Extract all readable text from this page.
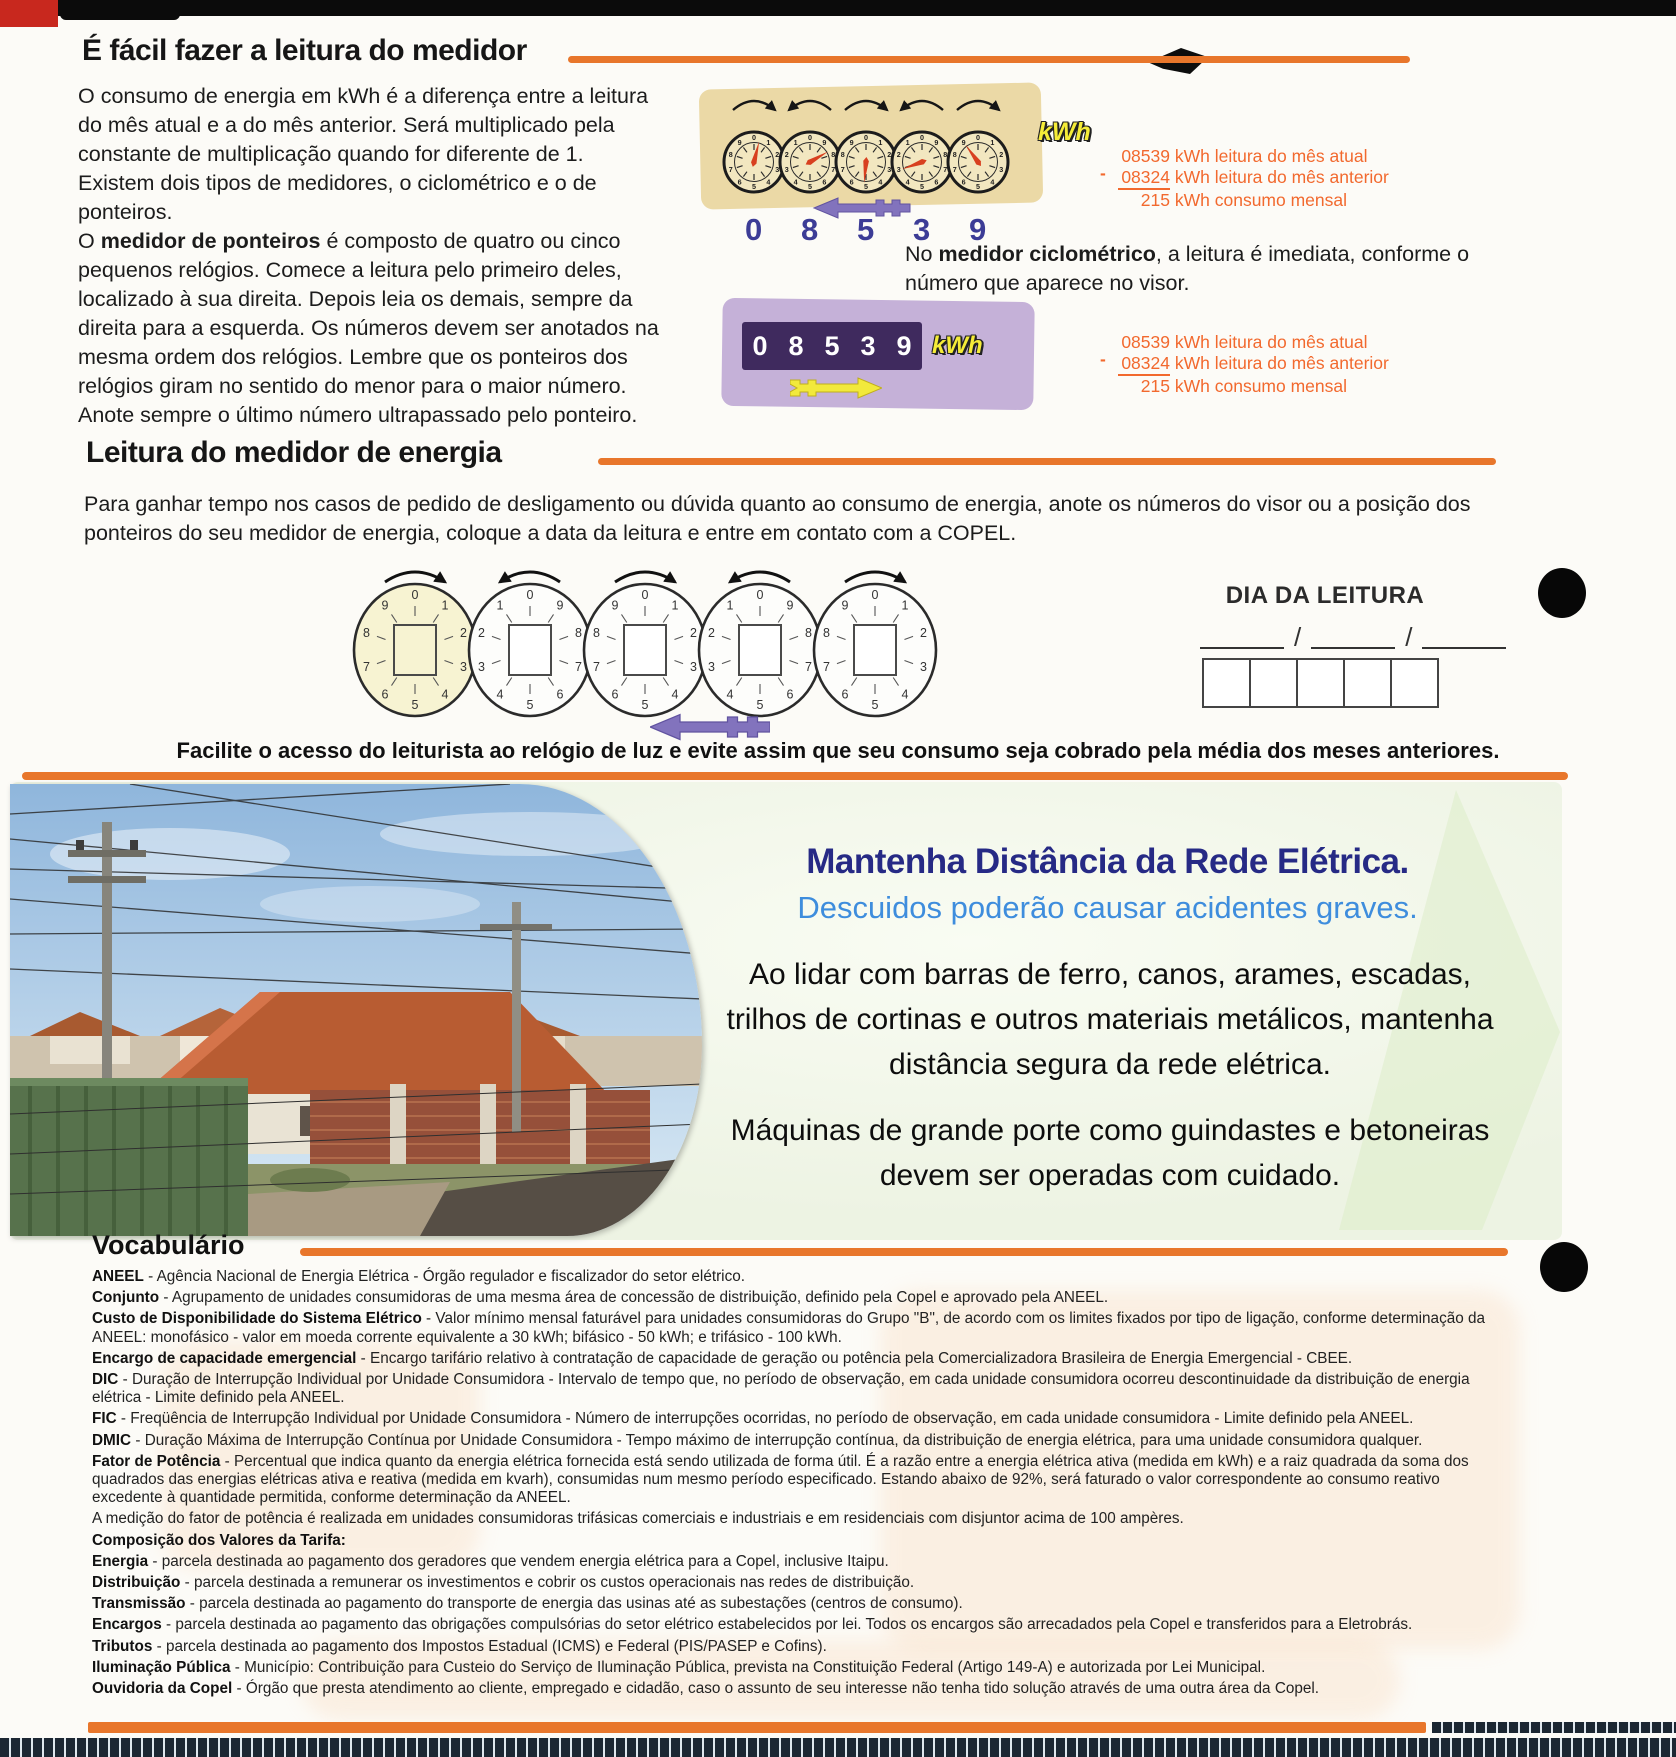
É fácil fazer a leitura do medidor

O consumo de energia em kWh é a diferença entre a leitura do mês atual e a do mês anterior. Será multiplicado pela constante de multiplicação quando for diferente de 1.

Existem dois tipos de medidores, o ciclométrico e o de ponteiros.

O medidor de ponteiros é composto de quatro ou cinco pequenos relógios. Comece a leitura pelo primeiro deles, localizado à sua direita. Depois leia os demais, sempre da direita para a esquerda. Os números devem ser anotados na mesma ordem dos relógios. Lembre que os ponteiros dos relógios giram no sentido do menor para o maior número. Anote sempre o último número ultrapassado pelo ponteiro.

0
1
2
3
4
5
6
7
8
9
0
1
2
3
4
5
6
7
8
9
0
1
2
3
4
5
6
7
8
9
0
1
2
3
4
5
6
7
8
9
0
1
2
3
4
5
6
7
8
9	kWh
0 8 5 3 9
08539 kWh leitura do mês atual
- 08324 kWh leitura do mês anterior
215 kWh consumo mensal

No medidor ciclométrico, a leitura é imediata, conforme o número que aparece no visor.

0 8 5 3 9 kWh	08539 kWh leitura do mês atual
- 08324 kWh leitura do mês anterior
215 kWh consumo mensal
Leitura do medidor de energia
Para ganhar tempo nos casos de pedido de desligamento ou dúvida quanto ao consumo de energia, anote os números do visor ou a posição dos ponteiros do seu medidor de energia, coloque a data da leitura e entre em contato com a COPEL.
0
1
2
3
4
5
6
7
8
9
0
1
2
3
4
5
6
7
8
9
0
1
2
3
4
5
6
7
8
9
0
1
2
3
4
5
6
7
8
9
0
1
2
3
4
5
6
7
8
9	DIA DA LEITURA
/	/
Facilite o acesso do leiturista ao relógio de luz e evite assim que seu consumo seja cobrado pela média dos meses anteriores.
Mantenha Distância da Rede Elétrica.
Descuidos poderão causar acidentes graves.
Ao lidar com barras de ferro, canos, arames, escadas, trilhos de cortinas e outros materiais metálicos, mantenha distância segura da rede elétrica.
Máquinas de grande porte como guindastes e betoneiras devem ser operadas com cuidado.
Vocabulário

ANEEL - Agência Nacional de Energia Elétrica - Órgão regulador e fiscalizador do setor elétrico.

Conjunto - Agrupamento de unidades consumidoras de uma mesma área de concessão de distribuição, definido pela Copel e aprovado pela ANEEL.

Custo de Disponibilidade do Sistema Elétrico - Valor mínimo mensal faturável para unidades consumidoras do Grupo "B", de acordo com os limites fixados por tipo de ligação, conforme determinação da ANEEL: monofásico - valor em moeda corrente equivalente a 30 kWh; bifásico - 50 kWh; e trifásico - 100 kWh.

Encargo de capacidade emergencial - Encargo tarifário relativo à contratação de capacidade de geração ou potência pela Comercializadora Brasileira de Energia Emergencial - CBEE.

DIC - Duração de Interrupção Individual por Unidade Consumidora - Intervalo de tempo que, no período de observação, em cada unidade consumidora ocorreu descontinuidade da distribuição de energia elétrica - Limite definido pela ANEEL.

FIC - Freqüência de Interrupção Individual por Unidade Consumidora - Número de interrupções ocorridas, no período de observação, em cada unidade consumidora - Limite definido pela ANEEL.

DMIC - Duração Máxima de Interrupção Contínua por Unidade Consumidora - Tempo máximo de interrupção contínua, da distribuição de energia elétrica, para uma unidade consumidora qualquer.

Fator de Potência - Percentual que indica quanto da energia elétrica fornecida está sendo utilizada de forma útil. É a razão entre a energia elétrica ativa (medida em kWh) e a raiz quadrada da soma dos quadrados das energias elétricas ativa e reativa (medida em kvarh), consumidas num mesmo período especificado. Estando abaixo de 92%, será faturado o valor correspondente ao consumo reativo excedente à quantidade permitida, conforme determinação da ANEEL.

A medição do fator de potência é realizada em unidades consumidoras trifásicas comerciais e industriais e em residenciais com disjuntor acima de 100 ampères.

Composição dos Valores da Tarifa:

Energia - parcela destinada ao pagamento dos geradores que vendem energia elétrica para a Copel, inclusive Itaipu.

Distribuição - parcela destinada a remunerar os investimentos e cobrir os custos operacionais nas redes de distribuição.

Transmissão - parcela destinada ao pagamento do transporte de energia das usinas até as subestações (centros de consumo).

Encargos - parcela destinada ao pagamento das obrigações compulsórias do setor elétrico estabelecidos por lei. Todos os encargos são arrecadados pela Copel e transferidos para a Eletrobrás.

Tributos - parcela destinada ao pagamento dos Impostos Estadual (ICMS) e Federal (PIS/PASEP e Cofins).

Iluminação Pública - Município: Contribuição para Custeio do Serviço de Iluminação Pública, prevista na Constituição Federal (Artigo 149-A) e autorizada por Lei Municipal.

Ouvidoria da Copel - Órgão que presta atendimento ao cliente, empregado e cidadão, caso o assunto de seu interesse não tenha tido solução através de uma outra área da Copel.
